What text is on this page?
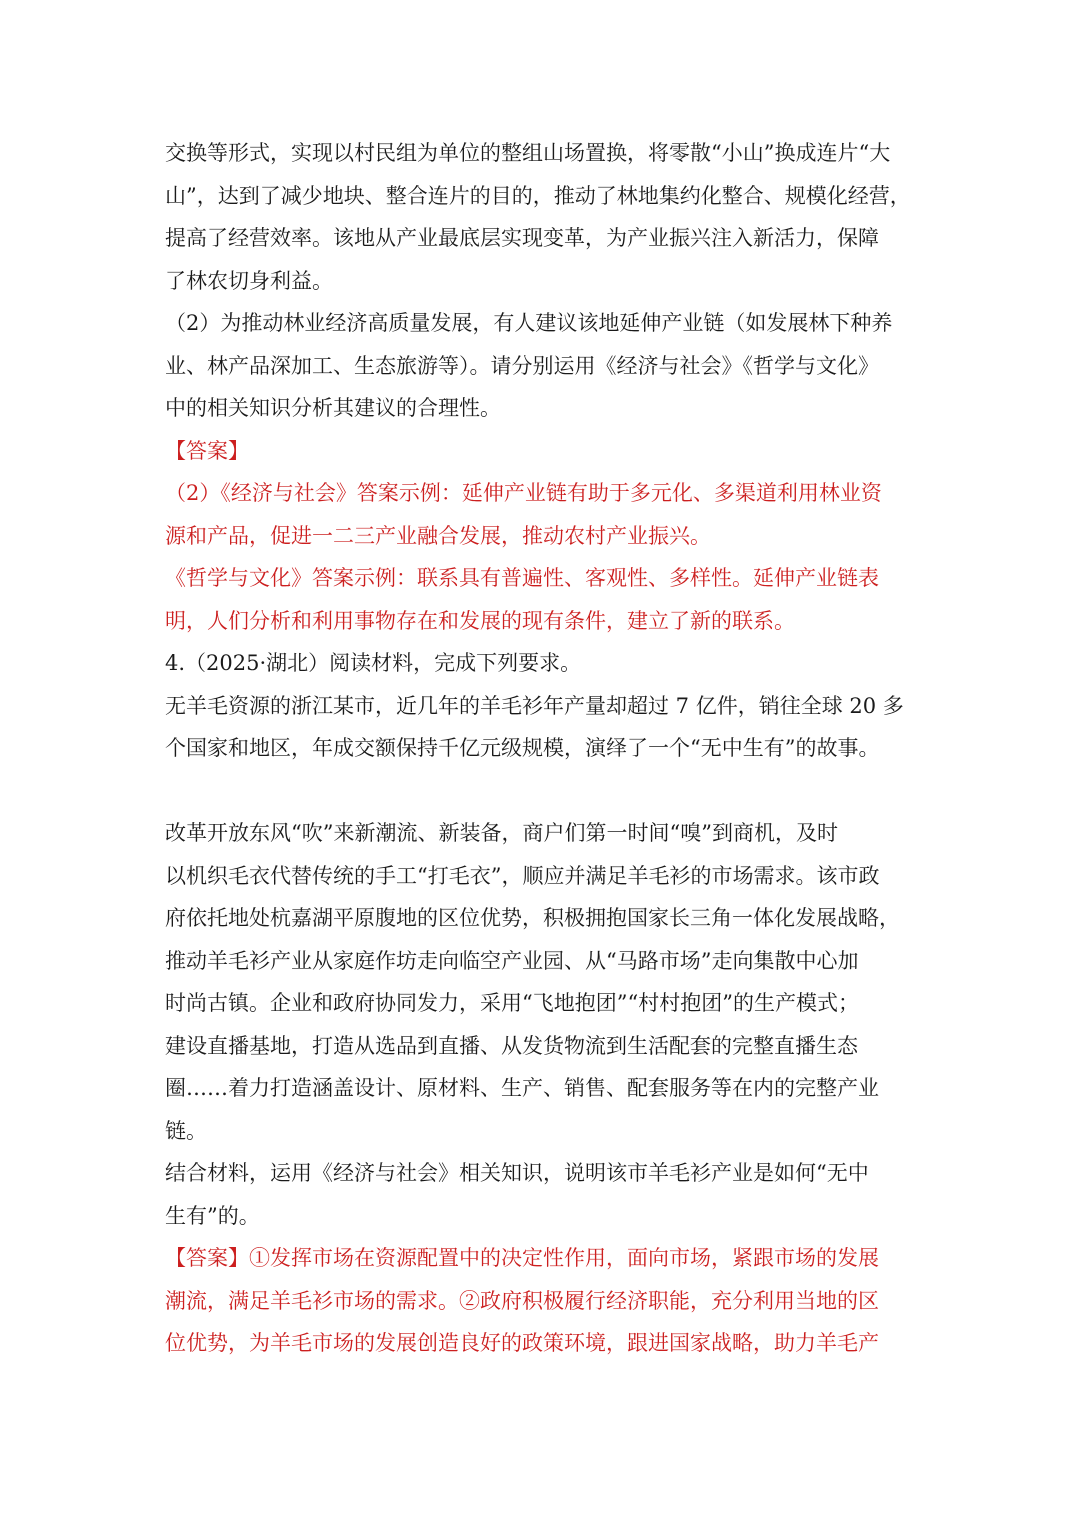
交换等形式，实现以村民组为单位的整组山场置换，将零散“小山”换成连片“大
山”，达到了减少地块、整合连片的目的，推动了林地集约化整合、规模化经营，
提高了经营效率。该地从产业最底层实现变革，为产业振兴注入新活力，保障
了林农切身利益。
（2）为推动林业经济高质量发展，有人建议该地延伸产业链（如发展林下种养
业、林产品深加工、生态旅游等）。请分别运用《经济与社会》《哲学与文化》
中的相关知识分析其建议的合理性。
【答案】
（2）《经济与社会》答案示例：延伸产业链有助于多元化、多渠道利用林业资
源和产品，促进一二三产业融合发展，推动农村产业振兴。
《哲学与文化》答案示例：联系具有普遍性、客观性、多样性。延伸产业链表
明，人们分析和利用事物存在和发展的现有条件，建立了新的联系。
4.（2025·湖北）阅读材料，完成下列要求。
无羊毛资源的浙江某市，近几年的羊毛衫年产量却超过 7 亿件，销往全球 20 多
个国家和地区，年成交额保持千亿元级规模，演绎了一个“无中生有”的故事。
改革开放东风“吹”来新潮流、新装备，商户们第一时间“嗅”到商机，及时
以机织毛衣代替传统的手工“打毛衣”，顺应并满足羊毛衫的市场需求。该市政
府依托地处杭嘉湖平原腹地的区位优势，积极拥抱国家长三角一体化发展战略，
推动羊毛衫产业从家庭作坊走向临空产业园、从“马路市场”走向集散中心加
时尚古镇。企业和政府协同发力，采用“飞地抱团”“村村抱团”的生产模式；
建设直播基地，打造从选品到直播、从发货物流到生活配套的完整直播生态
圈……着力打造涵盖设计、原材料、生产、销售、配套服务等在内的完整产业
链。
结合材料，运用《经济与社会》相关知识，说明该市羊毛衫产业是如何“无中
生有”的。
【答案】①发挥市场在资源配置中的决定性作用，面向市场，紧跟市场的发展
潮流，满足羊毛衫市场的需求。②政府积极履行经济职能，充分利用当地的区
位优势，为羊毛市场的发展创造良好的政策环境，跟进国家战略，助力羊毛产
